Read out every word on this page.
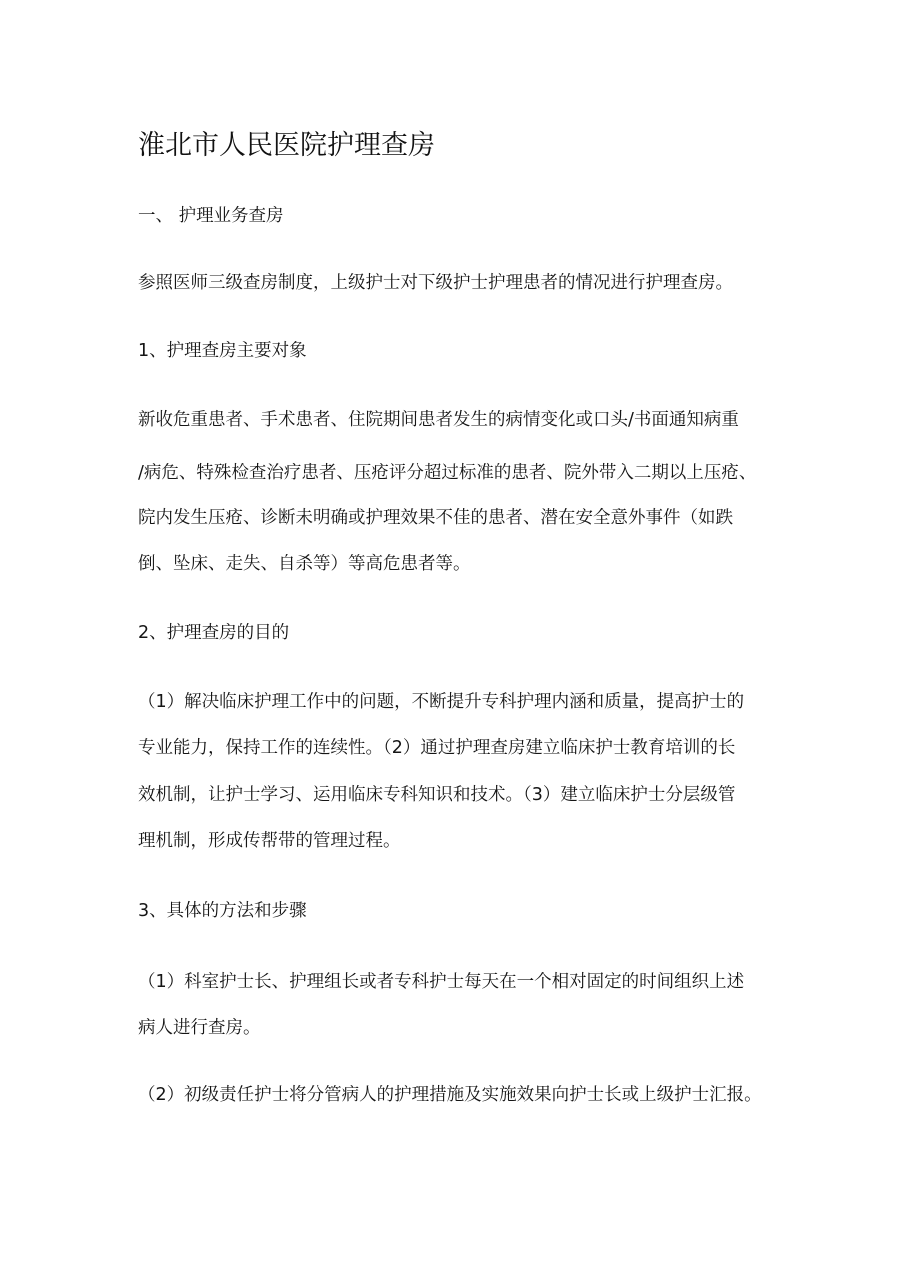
淮北市人民医院护理查房

一、 护理业务查房

参照医师三级查房制度，上级护士对下级护士护理患者的情况进行护理查房。

1、护理查房主要对象

新收危重患者、手术患者、住院期间患者发生的病情变化或口头/书面通知病重

/病危、特殊检查治疗患者、压疮评分超过标准的患者、院外带入二期以上压疮、

院内发生压疮、诊断未明确或护理效果不佳的患者、潜在安全意外事件（如跌

倒、坠床、走失、自杀等）等高危患者等。

2、护理查房的目的

（1）解决临床护理工作中的问题，不断提升专科护理内涵和质量，提高护士的

专业能力，保持工作的连续性。（2）通过护理查房建立临床护士教育培训的长

效机制，让护士学习、运用临床专科知识和技术。（3）建立临床护士分层级管

理机制，形成传帮带的管理过程。

3、具体的方法和步骤

（1）科室护士长、护理组长或者专科护士每天在一个相对固定的时间组织上述

病人进行查房。

（2）初级责任护士将分管病人的护理措施及实施效果向护士长或上级护士汇报。
